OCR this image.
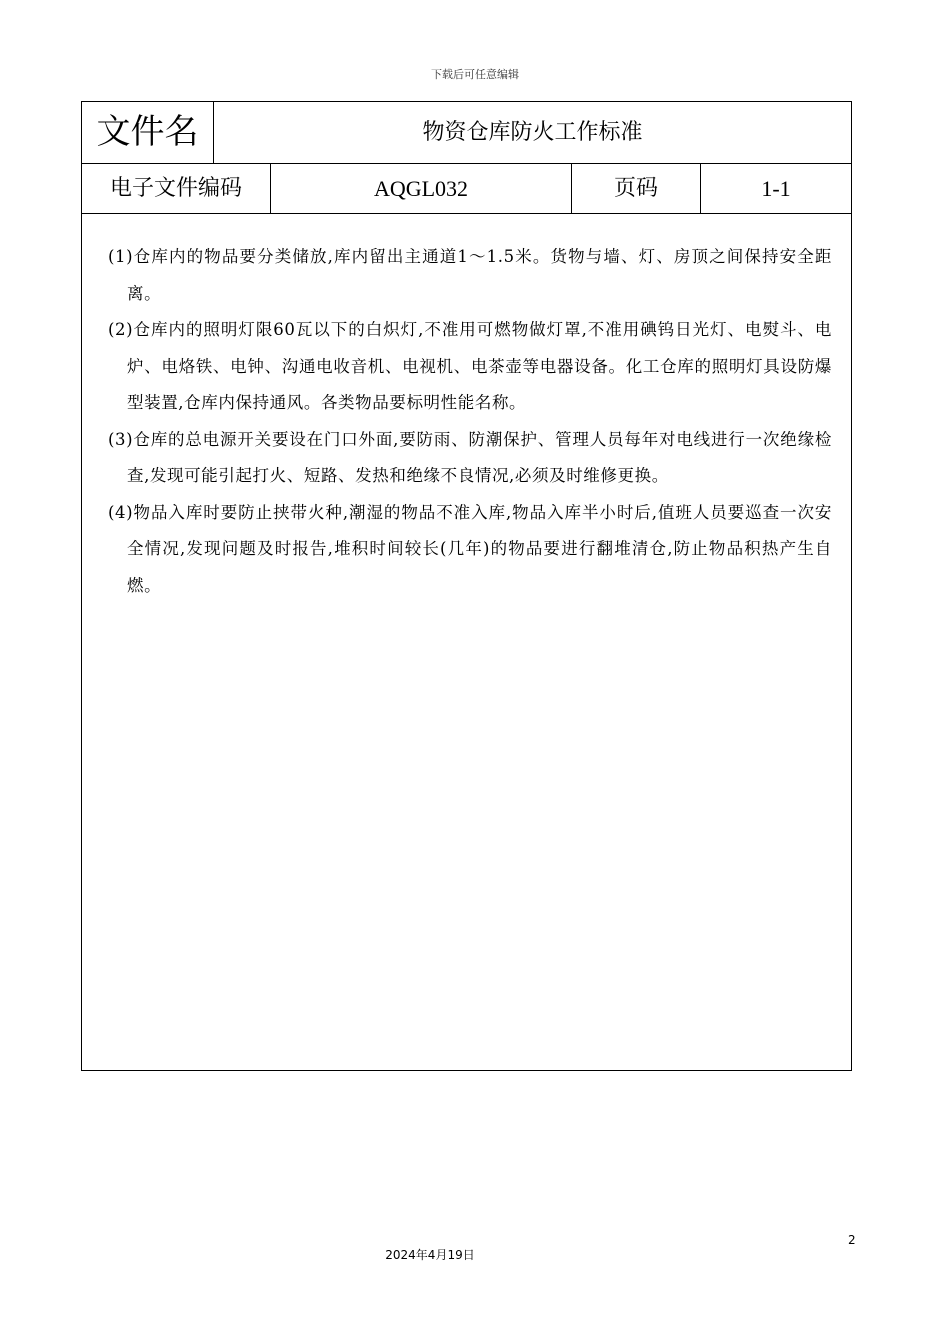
下载后可任意编辑
文件名	物资仓库防火工作标准
电子文件编码	AQGL032	页码	1-1

(1)仓库内的物品要分类储放,库内留出主通道1～1.5米。货物与墙、灯、房顶之间保持安全距离。

(2)仓库内的照明灯限60瓦以下的白炽灯,不准用可燃物做灯罩,不准用碘钨日光灯、电熨斗、电炉、电烙铁、电钟、沟通电收音机、电视机、电茶壶等电器设备。化工仓库的照明灯具设防爆型装置,仓库内保持通风。各类物品要标明性能名称。

(3)仓库的总电源开关要设在门口外面,要防雨、防潮保护、管理人员每年对电线进行一次绝缘检查,发现可能引起打火、短路、发热和绝缘不良情况,必须及时维修更换。

(4)物品入库时要防止挟带火种,潮湿的物品不准入库,物品入库半小时后,值班人员要巡查一次安全情况,发现问题及时报告,堆积时间较长(几年)的物品要进行翻堆清仓,防止物品积热产生自燃。

2
2024年4月19日
